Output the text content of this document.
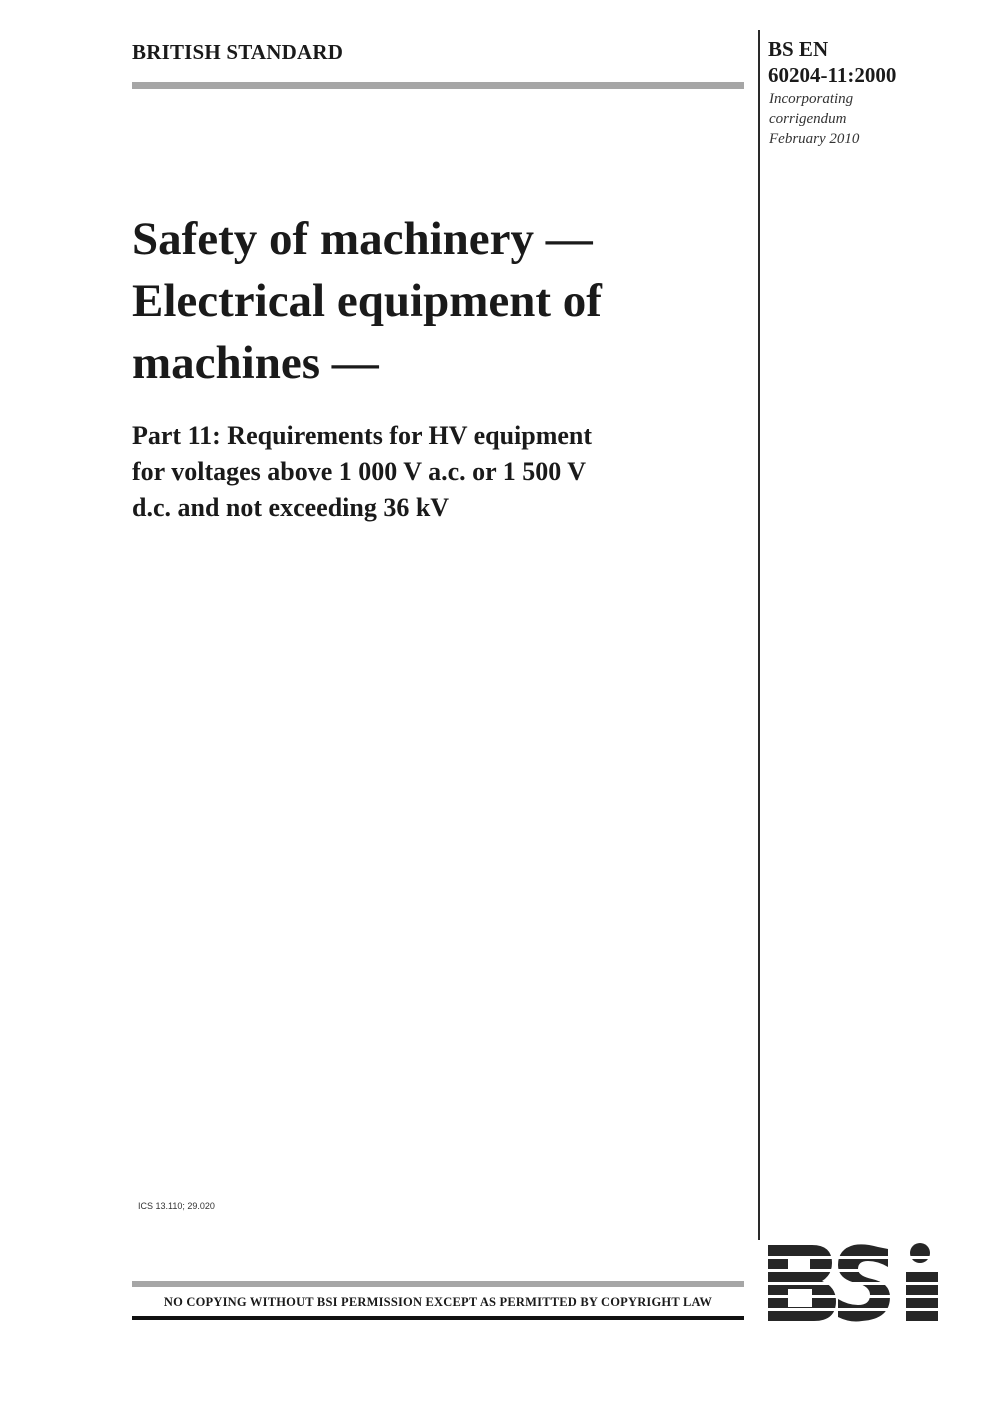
BRITISH STANDARD	BS EN
60204-11:2000
Incorporating
corrigendum
February 2010
Safety of machinery —
Electrical equipment of
machines —
Part 11: Requirements for HV equipment
for voltages above 1 000 V a.c. or 1 500 V
d.c. and not exceeding 36 kV
ICS 13.110; 29.020
NO COPYING WITHOUT BSI PERMISSION EXCEPT AS PERMITTED BY COPYRIGHT LAW
